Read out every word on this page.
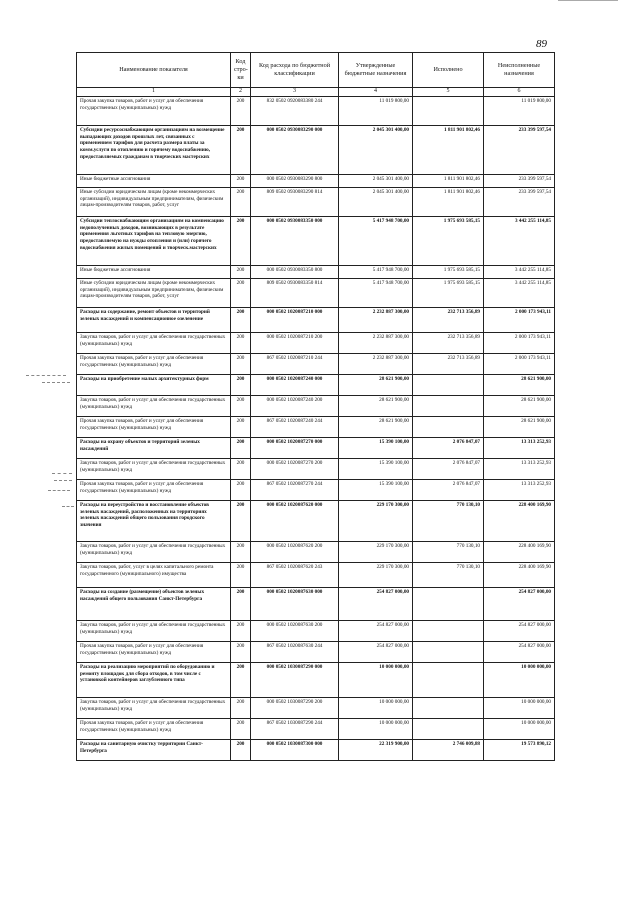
89
Наименование показателя	Код стро-ки	Код расхода по бюджетной классификации	Утвержденные бюджетные назначения	Исполнено	Неисполненные назначения
1	2	3	4	5	6
Прочая закупка товаров, работ и услуг для обеспечения государственных (муниципальных) нужд	200	832 0502 0920083380 244	11 019 800,00		11 019 800,00
Субсидии ресурсоснабжающим организациям на возмещение выпадающих доходов прошлых лет, связанных с применением тарифов для расчета размера платы за комм.услуги по отоплению и горячему водоснабжению, предоставляемых гражданам в творческих мастерских	200	000 0502 0930083290 000	2 045 301 400,00	1 811 901 802,46	233 399 597,54
Иные бюджетные ассигнования	200	000 0502 0930083290 800	2 045 301 400,00	1 811 901 802,46	233 399 597,54
Иные субсидии юридическим лицам (кроме некоммерческих организаций), индивидуальным предпринимателям, физическим лицам-производителям товаров, работ, услуг	200	809 0502 0930083290 814	2 045 301 400,00	1 811 901 802,46	233 399 597,54
Субсидии теплоснабжающим организациям на компенсацию недополученных доходов, возникающих в результате применения льготных тарифов на тепловую энергию, предоставляемую на нужды отопления и (или) горячего водоснабжения жилых помещений и творческ.мастерских	200	000 0502 0930083350 000	5 417 948 700,00	1 975 693 585,15	3 442 255 114,85
Иные бюджетные ассигнования	200	000 0502 0930083350 800	5 417 948 700,00	1 975 693 585,15	3 442 255 114,85
Иные субсидии юридическим лицам (кроме некоммерческих организаций), индивидуальным предпринимателям, физическим лицам-производителям товаров, работ, услуг	200	809 0502 0930083350 814	5 417 948 700,00	1 975 693 585,15	3 442 255 114,85
Расходы на содержание, ремонт объектов и территорий зеленых насаждений и компенсационное озеленение	200	000 0502 1020087210 000	2 232 887 300,00	232 713 356,89	2 000 173 943,11
Закупка товаров, работ и услуг для обеспечения государственных (муниципальных) нужд	200	000 0502 1020087210 200	2 232 887 300,00	232 713 356,89	2 000 173 943,11
Прочая закупка товаров, работ и услуг для обеспечения государственных (муниципальных) нужд	200	867 0502 1020087210 244	2 232 887 300,00	232 713 356,89	2 000 173 943,11
Расходы на приобретение малых архитектурных форм	200	000 0502 1020087240 000	28 621 900,00		28 621 900,00
Закупка товаров, работ и услуг для обеспечения государственных (муниципальных) нужд	200	000 0502 1020087240 200	28 621 900,00		28 621 900,00
Прочая закупка товаров, работ и услуг для обеспечения государственных (муниципальных) нужд	200	867 0502 1020087240 244	28 621 900,00		28 621 900,00
Расходы на охрану объектов и территорий зеленых насаждений	200	000 0502 1020087270 000	15 390 100,00	2 076 847,07	13 313 252,93
Закупка товаров, работ и услуг для обеспечения государственных (муниципальных) нужд	200	000 0502 1020087270 200	15 390 100,00	2 076 847,07	13 313 252,93
Прочая закупка товаров, работ и услуг для обеспечения государственных (муниципальных) нужд	200	867 0502 1020087270 244	15 390 100,00	2 076 847,07	13 313 252,93
Расходы на переустройство и восстановление объектов зеленых насаждений, расположенных на территориях зеленых насаждений общего пользования городского значения	200	000 0502 1020087620 000	229 170 300,00	770 130,10	228 400 169,90
Закупка товаров, работ и услуг для обеспечения государственных (муниципальных) нужд	200	000 0502 1020087620 200	229 170 300,00	770 130,10	228 400 169,90
Закупка товаров, работ, услуг в целях капитального ремонта государственного (муниципального) имущества	200	867 0502 1020087620 243	229 170 300,00	770 130,10	228 400 169,90
Расходы на создание (размещение) объектов зеленых насаждений общего пользования Санкт-Петербурга	200	000 0502 1020087630 000	254 827 000,00		254 827 000,00
Закупка товаров, работ и услуг для обеспечения государственных (муниципальных) нужд	200	000 0502 1020087630 200	254 827 000,00		254 827 000,00
Прочая закупка товаров, работ и услуг для обеспечения государственных (муниципальных) нужд	200	867 0502 1020087630 244	254 827 000,00		254 827 000,00
Расходы на реализацию мероприятий по оборудованию и ремонту площадок для сбора отходов, в том числе с установкой контейнеров заглубленного типа	200	000 0502 1030087290 000	10 000 000,00		10 000 000,00
Закупка товаров, работ и услуг для обеспечения государственных (муниципальных) нужд	200	000 0502 1030087290 200	10 000 000,00		10 000 000,00
Прочая закупка товаров, работ и услуг для обеспечения государственных (муниципальных) нужд	200	867 0502 1030087290 244	10 000 000,00		10 000 000,00
Расходы на санитарную очистку территории Санкт-Петербурга	200	000 0502 1030087300 000	22 319 900,00	2 746 009,88	19 573 890,12
